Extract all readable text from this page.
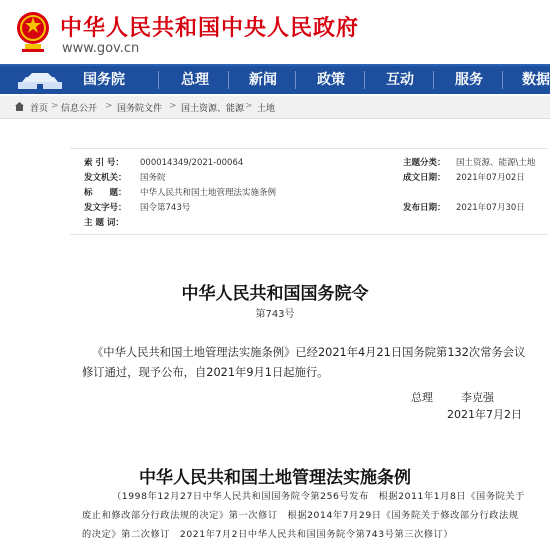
中华人民共和国中央人民政府
www.gov.cn
国务院	总理	新闻	政策	互动	服务	数据
首页 > 信息公开 > 国务院文件 > 国土资源、能源 > 土地
索 引 号： 000014349/2021-00064	主题分类： 国土资源、能源\土地
发文机关： 国务院	成文日期： 2021年07月02日
标　　题： 中华人民共和国土地管理法实施条例
发文字号： 国令第743号	发布日期： 2021年07月30日
主 题 词：
中华人民共和国国务院令
第743号
《中华人民共和国土地管理法实施条例》已经2021年4月21日国务院第132次常务会议修订通过，现予公布，自2021年9月1日起施行。
总理	李克强
2021年7月2日
中华人民共和国土地管理法实施条例
（1998年12月27日中华人民共和国国务院令第256号发布　根据2011年1月8日《国务院关于废止和修改部分行政法规的决定》第一次修订　根据2014年7月29日《国务院关于修改部分行政法规的决定》第二次修订　2021年7月2日中华人民共和国国务院令第743号第三次修订）
